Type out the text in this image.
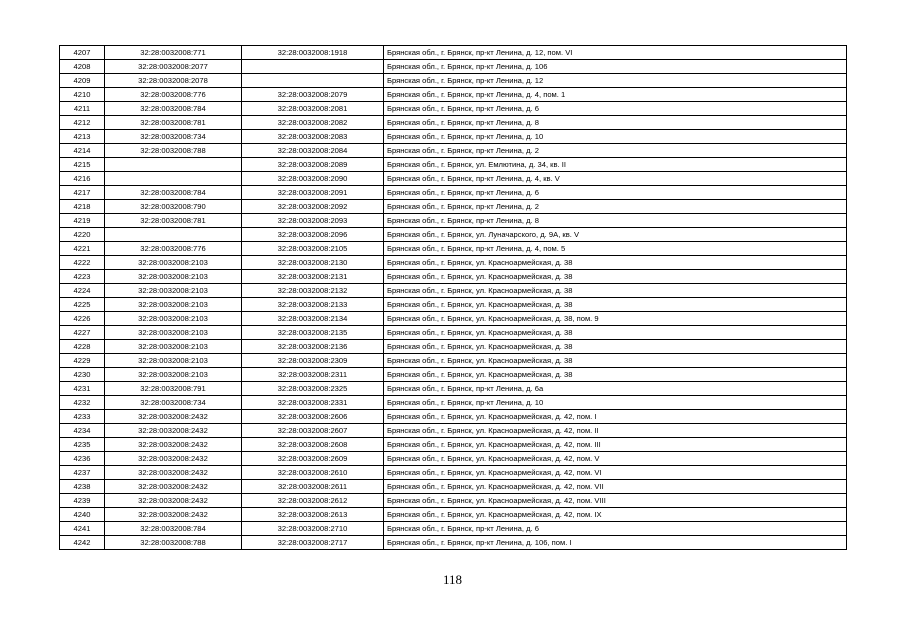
4207	32:28:0032008:771	32:28:0032008:1918	Брянская обл., г. Брянск, пр-кт Ленина, д. 12, пом. VI
4208	32:28:0032008:2077		Брянская обл., г. Брянск, пр-кт Ленина, д. 106
4209	32:28:0032008:2078		Брянская обл., г. Брянск, пр-кт Ленина, д. 12
4210	32:28:0032008:776	32:28:0032008:2079	Брянская обл., г. Брянск, пр-кт Ленина, д. 4, пом. 1
4211	32:28:0032008:784	32:28:0032008:2081	Брянская обл., г. Брянск, пр-кт Ленина, д. 6
4212	32:28:0032008:781	32:28:0032008:2082	Брянская обл., г. Брянск, пр-кт Ленина, д. 8
4213	32:28:0032008:734	32:28:0032008:2083	Брянская обл., г. Брянск, пр-кт Ленина, д. 10
4214	32:28:0032008:788	32:28:0032008:2084	Брянская обл., г. Брянск, пр-кт Ленина, д. 2
4215		32:28:0032008:2089	Брянская обл., г. Брянск, ул. Емлютина, д. 34, кв. II
4216		32:28:0032008:2090	Брянская обл., г. Брянск, пр-кт Ленина, д. 4, кв. V
4217	32:28:0032008:784	32:28:0032008:2091	Брянская обл., г. Брянск, пр-кт Ленина, д. 6
4218	32:28:0032008:790	32:28:0032008:2092	Брянская обл., г. Брянск, пр-кт Ленина, д. 2
4219	32:28:0032008:781	32:28:0032008:2093	Брянская обл., г. Брянск, пр-кт Ленина, д. 8
4220		32:28:0032008:2096	Брянская обл., г. Брянск, ул. Луначарского, д. 9А, кв. V
4221	32:28:0032008:776	32:28:0032008:2105	Брянская обл., г. Брянск, пр-кт Ленина, д. 4, пом. 5
4222	32:28:0032008:2103	32:28:0032008:2130	Брянская обл., г. Брянск, ул. Красноармейская, д. 38
4223	32:28:0032008:2103	32:28:0032008:2131	Брянская обл., г. Брянск, ул. Красноармейская, д. 38
4224	32:28:0032008:2103	32:28:0032008:2132	Брянская обл., г. Брянск, ул. Красноармейская, д. 38
4225	32:28:0032008:2103	32:28:0032008:2133	Брянская обл., г. Брянск, ул. Красноармейская, д. 38
4226	32:28:0032008:2103	32:28:0032008:2134	Брянская обл., г. Брянск, ул. Красноармейская, д. 38, пом. 9
4227	32:28:0032008:2103	32:28:0032008:2135	Брянская обл., г. Брянск, ул. Красноармейская, д. 38
4228	32:28:0032008:2103	32:28:0032008:2136	Брянская обл., г. Брянск, ул. Красноармейская, д. 38
4229	32:28:0032008:2103	32:28:0032008:2309	Брянская обл., г. Брянск, ул. Красноармейская, д. 38
4230	32:28:0032008:2103	32:28:0032008:2311	Брянская обл., г. Брянск, ул. Красноармейская, д. 38
4231	32:28:0032008:791	32:28:0032008:2325	Брянская обл., г. Брянск, пр-кт Ленина, д. 6а
4232	32:28:0032008:734	32:28:0032008:2331	Брянская обл., г. Брянск, пр-кт Ленина, д. 10
4233	32:28:0032008:2432	32:28:0032008:2606	Брянская обл., г. Брянск, ул. Красноармейская, д. 42, пом. I
4234	32:28:0032008:2432	32:28:0032008:2607	Брянская обл., г. Брянск, ул. Красноармейская, д. 42, пом. II
4235	32:28:0032008:2432	32:28:0032008:2608	Брянская обл., г. Брянск, ул. Красноармейская, д. 42, пом. III
4236	32:28:0032008:2432	32:28:0032008:2609	Брянская обл., г. Брянск, ул. Красноармейская, д. 42, пом. V
4237	32:28:0032008:2432	32:28:0032008:2610	Брянская обл., г. Брянск, ул. Красноармейская, д. 42, пом. VI
4238	32:28:0032008:2432	32:28:0032008:2611	Брянская обл., г. Брянск, ул. Красноармейская, д. 42, пом. VII
4239	32:28:0032008:2432	32:28:0032008:2612	Брянская обл., г. Брянск, ул. Красноармейская, д. 42, пом. VIII
4240	32:28:0032008:2432	32:28:0032008:2613	Брянская обл., г. Брянск, ул. Красноармейская, д. 42, пом. IX
4241	32:28:0032008:784	32:28:0032008:2710	Брянская обл., г. Брянск, пр-кт Ленина, д. 6
4242	32:28:0032008:788	32:28:0032008:2717	Брянская обл., г. Брянск, пр-кт Ленина, д. 106, пом. I
118
